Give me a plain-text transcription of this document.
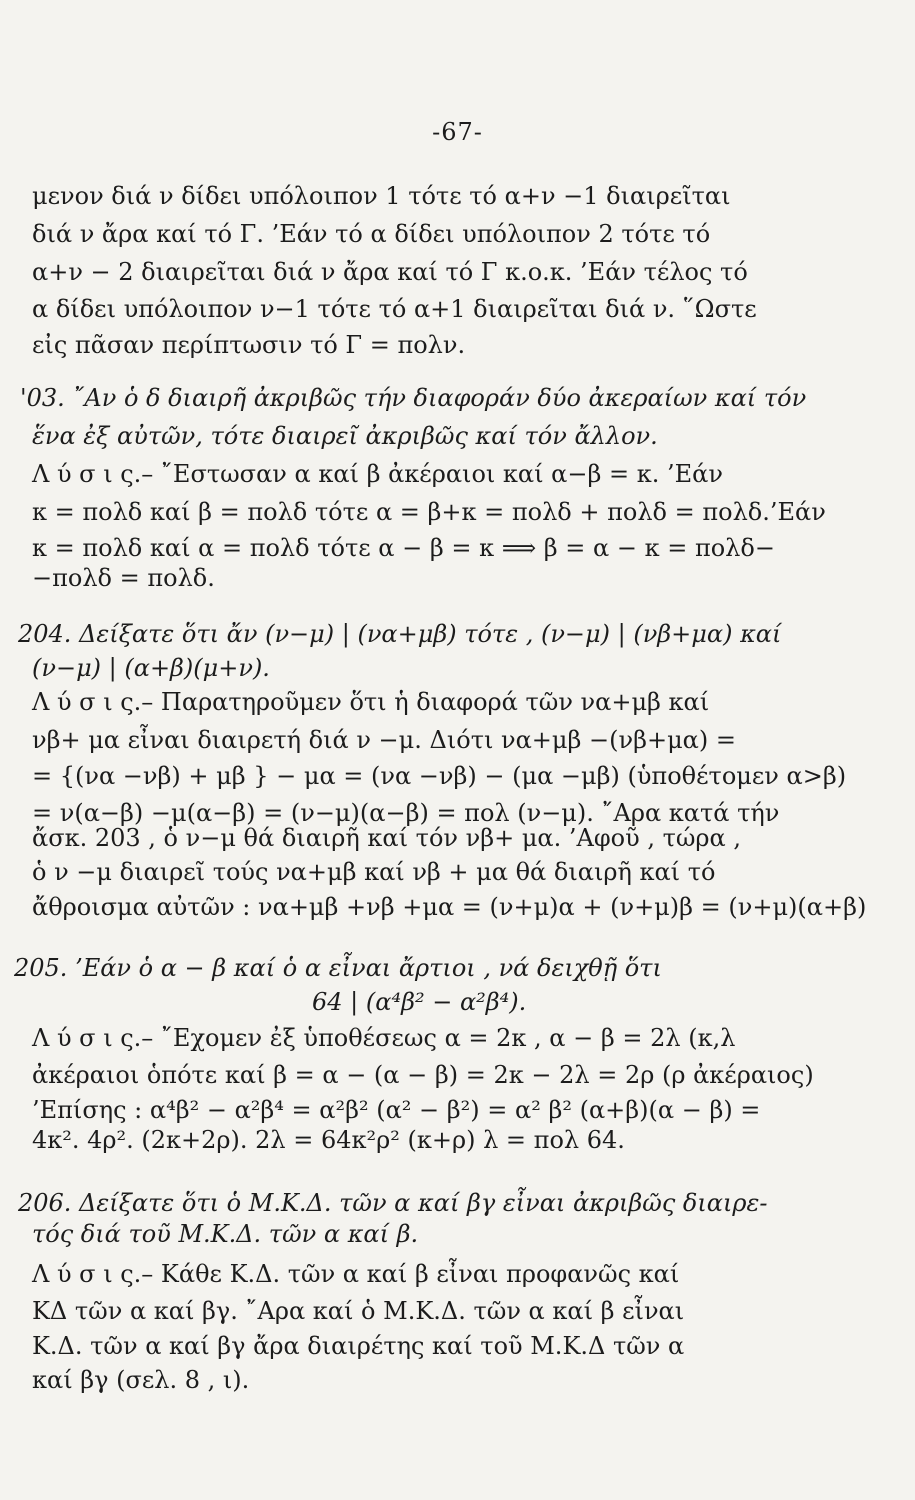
-67-
μενον διά ν δίδει υπόλοιπον 1 τότε τό α+ν −1 διαιρεῖται
διά ν ἄρα καί τό Γ. ’Εάν τό α δίδει υπόλοιπον 2 τότε τό
α+ν − 2 διαιρεῖται διά ν ἄρα καί τό Γ κ.ο.κ. ’Εάν τέλος τό
α δίδει υπόλοιπον ν−1 τότε τό α+1 διαιρεῖται διά ν. ῞Ωστε
εἰς πᾶσαν περίπτωσιν τό Γ = πολν.
'03. ῎Αν ὁ δ διαιρῆ ἀκριβῶς τήν διαφοράν δύο ἀκεραίων καί τόν
ἕνα ἐξ αὐτῶν, τότε διαιρεῖ ἀκριβῶς καί τόν ἄλλον.
Λ ύ σ ι ς.– ῎Εστωσαν α καί β ἀκέραιοι καί α−β = κ. ’Εάν
κ = πολδ καί β = πολδ τότε α = β+κ = πολδ + πολδ = πολδ.’Εάν
κ = πολδ καί α = πολδ τότε α − β = κ ⟹ β = α − κ = πολδ−
−πολδ = πολδ.
204. Δείξατε ὅτι ἄν (ν−μ) | (να+μβ) τότε , (ν−μ) | (νβ+μα) καί
(ν−μ) | (α+β)(μ+ν).
Λ ύ σ ι ς.– Παρατηροῦμεν ὅτι ἡ διαφορά τῶν να+μβ καί
νβ+ μα εἶναι διαιρετή διά ν −μ. Διότι να+μβ −(νβ+μα) =
= {(να −νβ) + μβ } − μα = (να −νβ) − (μα −μβ) (ὑποθέτομεν α>β)
= ν(α−β) −μ(α−β) = (ν−μ)(α−β) = πολ (ν−μ). ῎Αρα κατά τήν
ἄσκ. 203 , ὁ ν−μ θά διαιρῆ καί τόν νβ+ μα. ’Αφοῦ , τώρα ,
ὁ ν −μ διαιρεῖ τούς να+μβ καί νβ + μα θά διαιρῆ καί τό
ἄθροισμα αὐτῶν : να+μβ +νβ +μα = (ν+μ)α + (ν+μ)β = (ν+μ)(α+β)
205. ’Εάν ὁ α − β καί ὁ α εἶναι ἄρτιοι , νά δειχθῇ ὅτι
64 | (α⁴β² − α²β⁴).
Λ ύ σ ι ς.– ῎Εχομεν ἐξ ὑποθέσεως α = 2κ , α − β = 2λ (κ,λ
ἀκέραιοι ὁπότε καί β = α − (α − β) = 2κ − 2λ = 2ρ (ρ ἀκέραιος)
’Επίσης : α⁴β² − α²β⁴ = α²β² (α² − β²) = α² β² (α+β)(α − β) =
4κ². 4ρ². (2κ+2ρ). 2λ = 64κ²ρ² (κ+ρ) λ = πολ 64.
206. Δείξατε ὅτι ὁ Μ.Κ.Δ. τῶν α καί βγ εἶναι ἀκριβῶς διαιρε-
τός διά τοῦ Μ.Κ.Δ. τῶν α καί β.
Λ ύ σ ι ς.– Κάθε Κ.Δ. τῶν α καί β εἶναι προφανῶς καί
ΚΔ τῶν α καί βγ. ῎Αρα καί ὁ Μ.Κ.Δ. τῶν α καί β εἶναι
Κ.Δ. τῶν α καί βγ ἄρα διαιρέτης καί τοῦ Μ.Κ.Δ τῶν α
καί βγ (σελ. 8 , ι).
